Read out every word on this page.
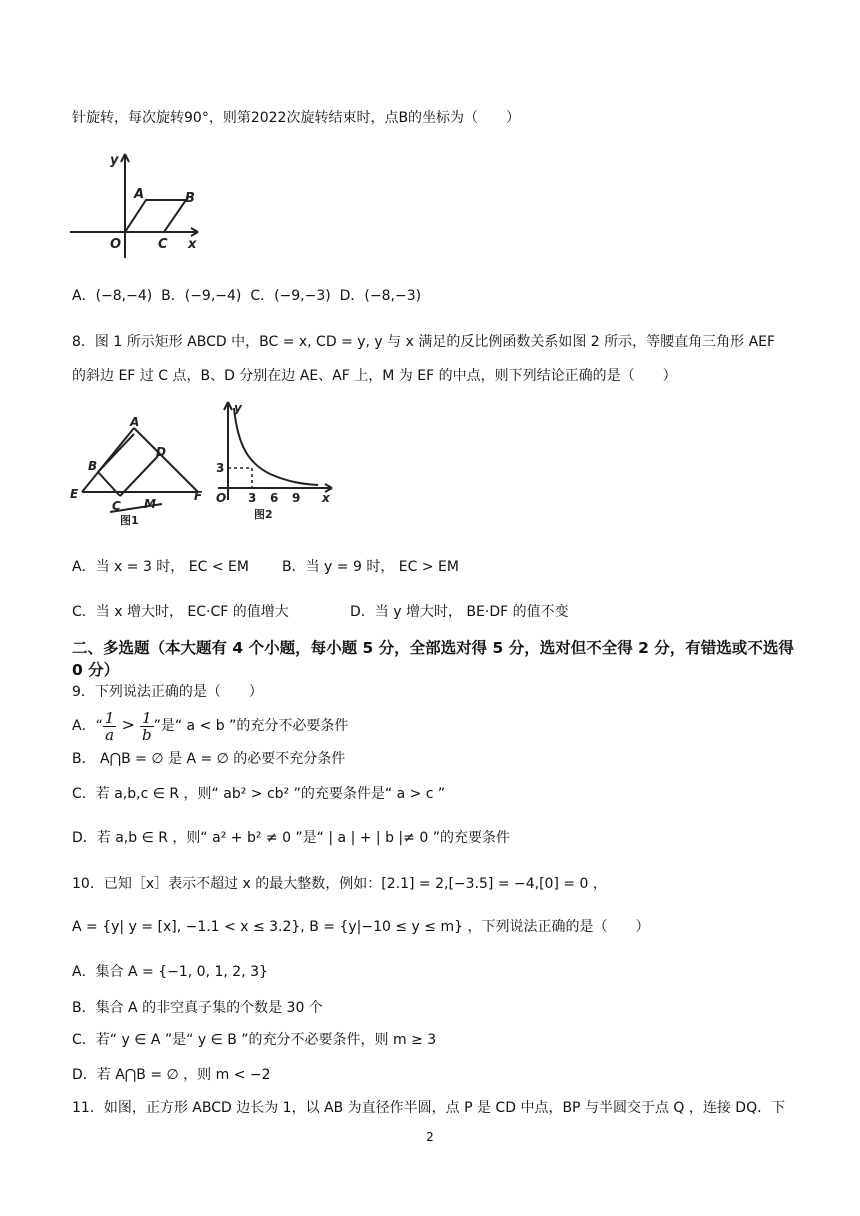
针旋转，每次旋转90°，则第2022次旋转结束时，点B的坐标为（　　）
y
x
A	B
O	C
A．(−8,−4) B．(−9,−4) C．(−9,−3) D．(−8,−3)
8．图 1 所示矩形 ABCD 中，BC = x, CD = y, y 与 x 满足的反比例函数关系如图 2 所示，等腰直角三角形 AEF
的斜边 EF 过 C 点，B、D 分别在边 AE、AF 上，M 为 EF 的中点，则下列结论正确的是（　　）
A
D
B
E	F
C M
图1
y
x
O
3
3 6 9
图2
A．当 x = 3 时， EC < EM B．当 y = 9 时， EC > EM
C．当 x 增大时， EC·CF 的值增大	D．当 y 增大时， BE·DF 的值不变
二、多选题（本大题有 4 个小题，每小题 5 分，全部选对得 5 分，选对但不全得 2 分，有错选或不选得 0 分）
9．下列说法正确的是（　　）
A．“ $\frac{1}{a} > \frac{1}{b}$ ”是“ a < b ”的充分不必要条件
B． A⋂B = ∅ 是 A = ∅ 的必要不充分条件
C．若 a,b,c ∈ R ，则“ ab² > cb² ”的充要条件是“ a > c ”
D．若 a,b ∈ R ，则“ a² + b² ≠ 0 ”是“ | a | + | b |≠ 0 ”的充要条件
10．已知［x］表示不超过 x 的最大整数，例如：[2.1] = 2,[−3.5] = −4,[0] = 0 ，
A = {y| y = [x], −1.1 < x ≤ 3.2}, B = {y|−10 ≤ y ≤ m} ，下列说法正确的是（　　）
A．集合 A = {−1, 0, 1, 2, 3}
B．集合 A 的非空真子集的个数是 30 个
C．若“ y ∈ A ”是“ y ∈ B ”的充分不必要条件，则 m ≥ 3
D．若 A⋂B = ∅ ，则 m < −2
11．如图，正方形 ABCD 边长为 1，以 AB 为直径作半圆，点 P 是 CD 中点，BP 与半圆交于点 Q ，连接 DQ．下
2
